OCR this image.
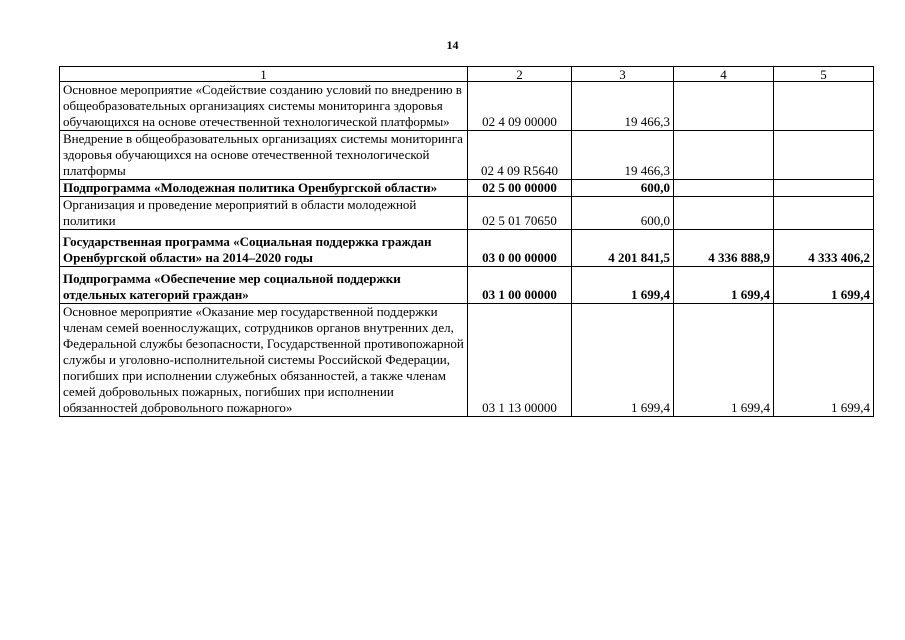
14
1	2	3	4	5
Основное мероприятие «Содействие созданию условий по внедрению в общеобразовательных организациях системы мониторинга здоровья обучающихся на основе отечественной технологической платформы»	02 4 09 00000	19 466,3		
Внедрение в общеобразовательных организациях системы мониторинга здоровья обучающихся на основе отечественной технологической платформы	02 4 09 R5640	19 466,3		
Подпрограмма «Молодежная политика Оренбургской области»	02 5 00 00000	600,0		
Организация и проведение мероприятий в области молодежной политики	02 5 01 70650	600,0		
Государственная программа «Социальная поддержка граждан Оренбургской области» на 2014–2020 годы	03 0 00 00000	4 201 841,5	4 336 888,9	4 333 406,2
Подпрограмма «Обеспечение мер социальной поддержки отдельных категорий граждан»	03 1 00 00000	1 699,4	1 699,4	1 699,4
Основное мероприятие «Оказание мер государственной поддержки членам семей военнослужащих, сотрудников органов внутренних дел, Федеральной службы безопасности, Государственной противопожарной службы и уголовно-исполнительной системы Российской Федерации, погибших при исполнении служебных обязанностей, а также членам семей добровольных пожарных, погибших при исполнении обязанностей добровольного пожарного»	03 1 13 00000	1 699,4	1 699,4	1 699,4
